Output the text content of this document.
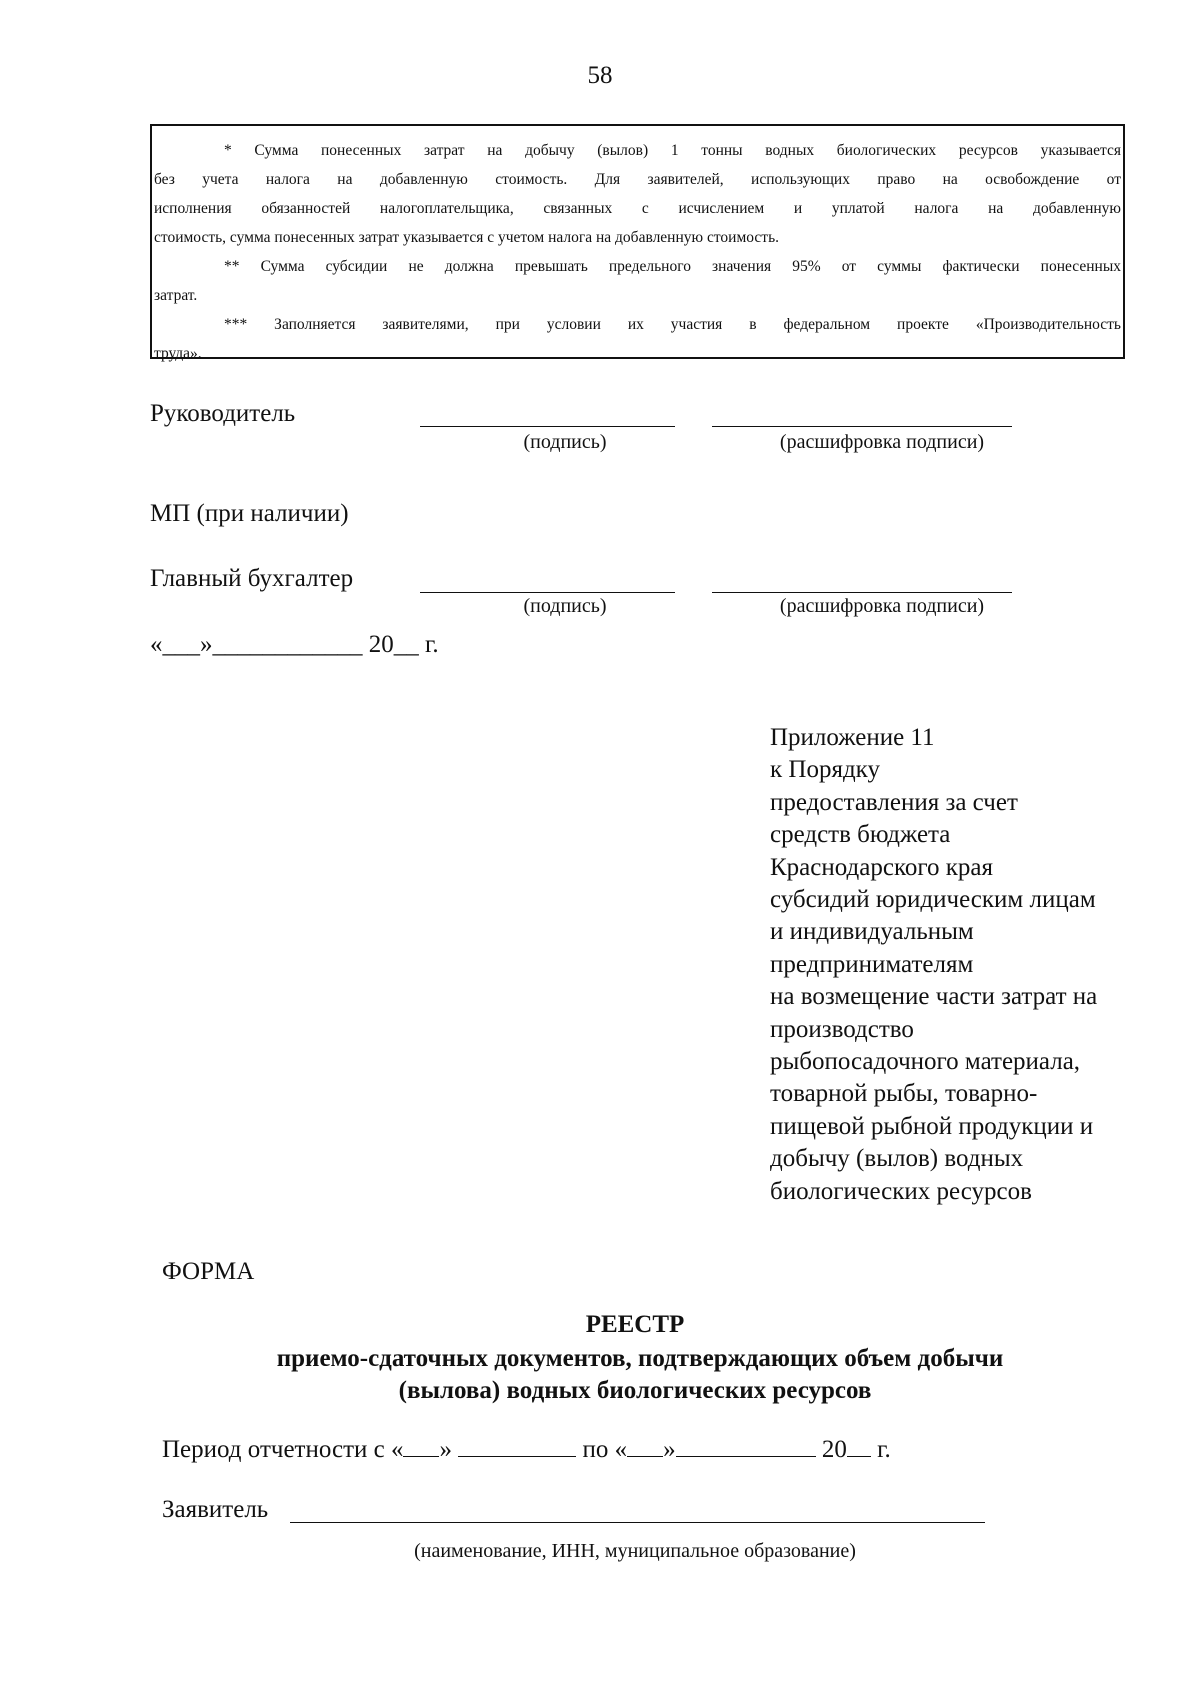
58

* Сумма понесенных затрат на добычу (вылов) 1 тонны водных биологических ресурсов указывается

без учета налога на добавленную стоимость. Для заявителей, использующих право на освобождение от

исполнения обязанностей налогоплательщика, связанных с исчислением и уплатой налога на добавленную

стоимость, сумма понесенных затрат указывается с учетом налога на добавленную стоимость.

** Сумма субсидии не должна превышать предельного значения 95% от суммы фактически понесенных

затрат.

*** Заполняется заявителями, при условии их участия в федеральном проекте «Производительность

труда».

Руководитель
(подпись)	(расшифровка подписи)
МП (при наличии)
Главный бухгалтер
(подпись)	(расшифровка подписи)
«___»____________ 20__ г.
Приложение 11
к Порядку
предоставления за счет
средств бюджета
Краснодарского края
субсидий юридическим лицам
и индивидуальным
предпринимателям
на возмещение части затрат на
производство
рыбопосадочного материала,
товарной рыбы, товарно-
пищевой рыбной продукции и
добычу (вылов) водных
биологических ресурсов
ФОРМА
РЕЕСТР
приемо-сдаточных документов, подтверждающих объем добычи
(вылова) водных биологических ресурсов
Период отчетности с « »	по « »	20 г.
Заявитель
(наименование, ИНН, муниципальное образование)
